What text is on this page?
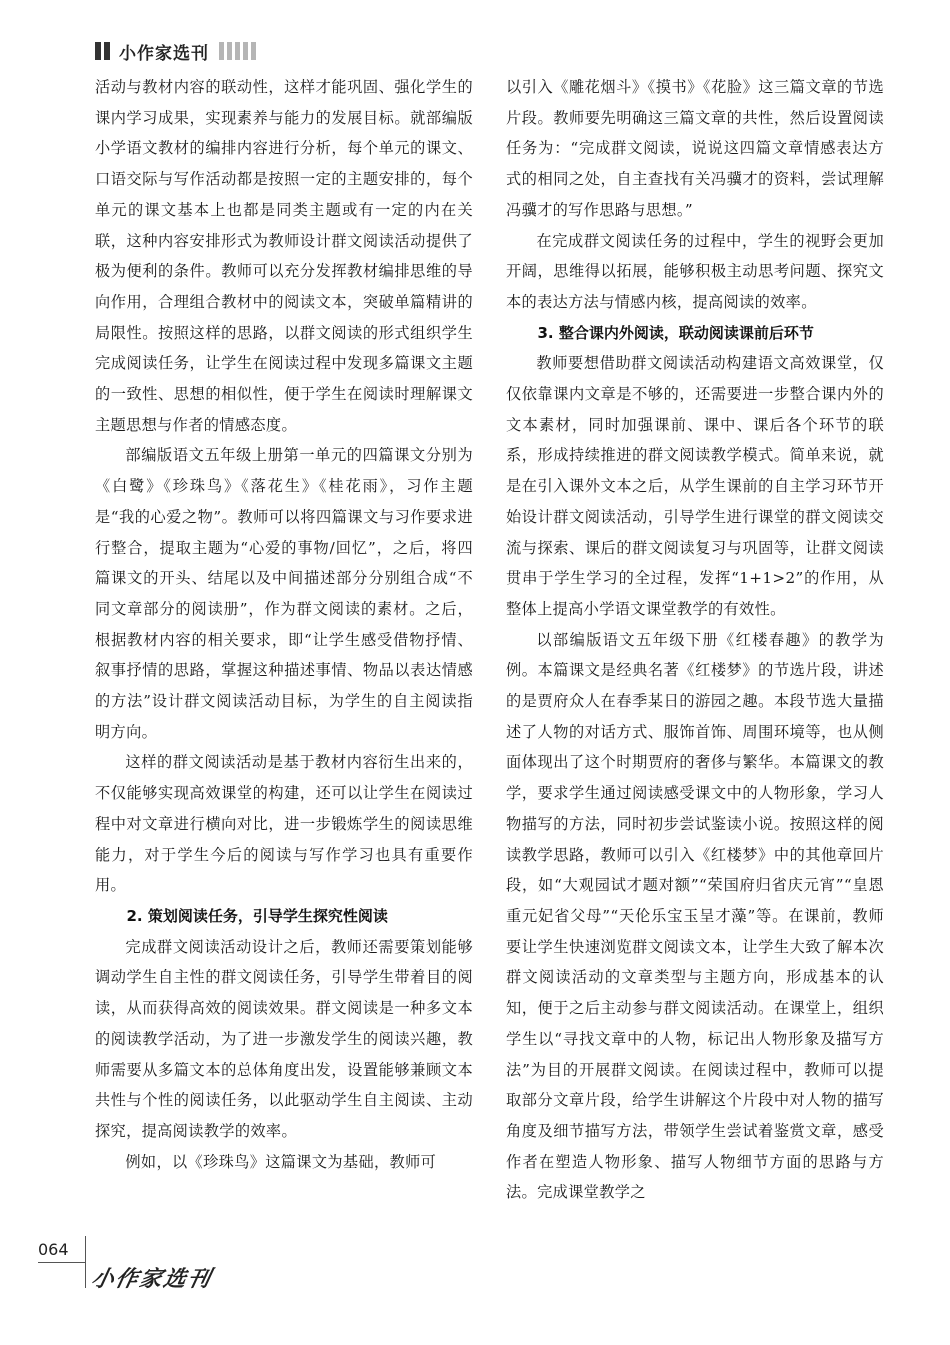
小作家选刊

活动与教材内容的联动性，这样才能巩固、强化学生的课内学习成果，实现素养与能力的发展目标。就部编版小学语文教材的编排内容进行分析，每个单元的课文、口语交际与写作活动都是按照一定的主题安排的，每个单元的课文基本上也都是同类主题或有一定的内在关联，这种内容安排形式为教师设计群文阅读活动提供了极为便利的条件。教师可以充分发挥教材编排思维的导向作用，合理组合教材中的阅读文本，突破单篇精讲的局限性。按照这样的思路，以群文阅读的形式组织学生完成阅读任务，让学生在阅读过程中发现多篇课文主题的一致性、思想的相似性，便于学生在阅读时理解课文主题思想与作者的情感态度。

部编版语文五年级上册第一单元的四篇课文分别为《白鹭》《珍珠鸟》《落花生》《桂花雨》，习作主题是“我的心爱之物”。教师可以将四篇课文与习作要求进行整合，提取主题为“心爱的事物/回忆”，之后，将四篇课文的开头、结尾以及中间描述部分分别组合成“不同文章部分的阅读册”，作为群文阅读的素材。之后，根据教材内容的相关要求，即“让学生感受借物抒情、叙事抒情的思路，掌握这种描述事情、物品以表达情感的方法”设计群文阅读活动目标，为学生的自主阅读指明方向。

这样的群文阅读活动是基于教材内容衍生出来的，不仅能够实现高效课堂的构建，还可以让学生在阅读过程中对文章进行横向对比，进一步锻炼学生的阅读思维能力，对于学生今后的阅读与写作学习也具有重要作用。

2. 策划阅读任务，引导学生探究性阅读

完成群文阅读活动设计之后，教师还需要策划能够调动学生自主性的群文阅读任务，引导学生带着目的阅读，从而获得高效的阅读效果。群文阅读是一种多文本的阅读教学活动，为了进一步激发学生的阅读兴趣，教师需要从多篇文本的总体角度出发，设置能够兼顾文本共性与个性的阅读任务，以此驱动学生自主阅读、主动探究，提高阅读教学的效率。

例如，以《珍珠鸟》这篇课文为基础，教师可

以引入《雕花烟斗》《摸书》《花脸》这三篇文章的节选片段。教师要先明确这三篇文章的共性，然后设置阅读任务为：“完成群文阅读，说说这四篇文章情感表达方式的相同之处，自主查找有关冯骥才的资料，尝试理解冯骥才的写作思路与思想。”

在完成群文阅读任务的过程中，学生的视野会更加开阔，思维得以拓展，能够积极主动思考问题、探究文本的表达方法与情感内核，提高阅读的效率。

3. 整合课内外阅读，联动阅读课前后环节

教师要想借助群文阅读活动构建语文高效课堂，仅仅依靠课内文章是不够的，还需要进一步整合课内外的文本素材，同时加强课前、课中、课后各个环节的联系，形成持续推进的群文阅读教学模式。简单来说，就是在引入课外文本之后，从学生课前的自主学习环节开始设计群文阅读活动，引导学生进行课堂的群文阅读交流与探索、课后的群文阅读复习与巩固等，让群文阅读贯串于学生学习的全过程，发挥“1+1>2”的作用，从整体上提高小学语文课堂教学的有效性。

以部编版语文五年级下册《红楼春趣》的教学为例。本篇课文是经典名著《红楼梦》的节选片段，讲述的是贾府众人在春季某日的游园之趣。本段节选大量描述了人物的对话方式、服饰首饰、周围环境等，也从侧面体现出了这个时期贾府的奢侈与繁华。本篇课文的教学，要求学生通过阅读感受课文中的人物形象，学习人物描写的方法，同时初步尝试鉴读小说。按照这样的阅读教学思路，教师可以引入《红楼梦》中的其他章回片段，如“大观园试才题对额”“荣国府归省庆元宵”“皇恩重元妃省父母”“天伦乐宝玉呈才藻”等。在课前，教师要让学生快速浏览群文阅读文本，让学生大致了解本次群文阅读活动的文章类型与主题方向，形成基本的认知，便于之后主动参与群文阅读活动。在课堂上，组织学生以“寻找文章中的人物，标记出人物形象及描写方法”为目的开展群文阅读。在阅读过程中，教师可以提取部分文章片段，给学生讲解这个片段中对人物的描写角度及细节描写方法，带领学生尝试着鉴赏文章，感受作者在塑造人物形象、描写人物细节方面的思路与方法。完成课堂教学之

064
小作家选刊
